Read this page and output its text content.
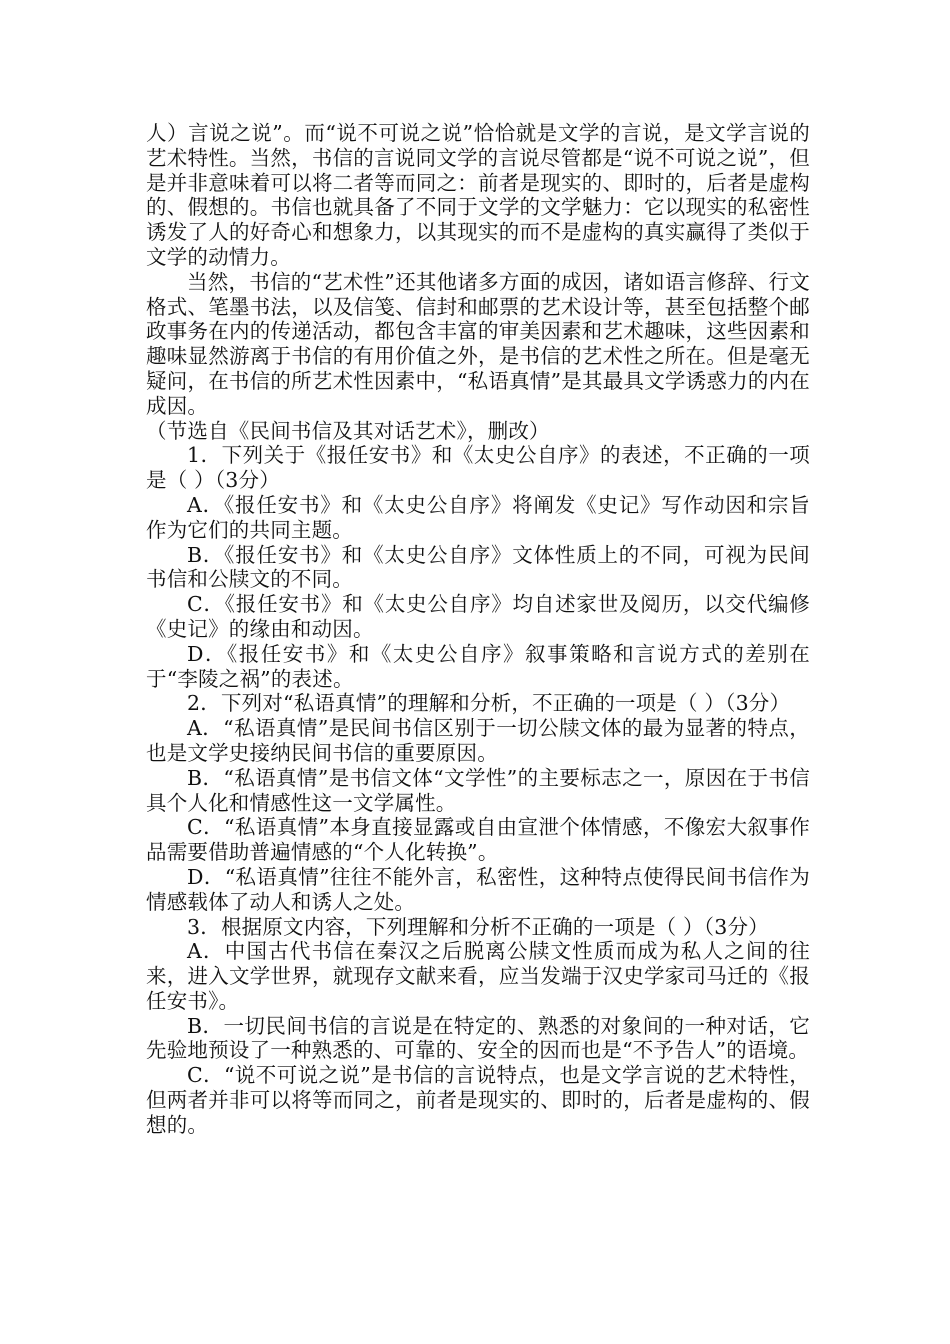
人）言说之说”。而“说不可说之说”恰恰就是文学的言说，是文学言说的艺术特性。当然，书信的言说同文学的言说尽管都是“说不可说之说”，但是并非意味着可以将二者等而同之：前者是现实的、即时的，后者是虚构的、假想的。书信也就具备了不同于文学的文学魅力：它以现实的私密性诱发了人的好奇心和想象力，以其现实的而不是虚构的真实赢得了类似于文学的动情力。

当然，书信的“艺术性”还其他诸多方面的成因，诸如语言修辞、行文格式、笔墨书法，以及信笺、信封和邮票的艺术设计等，甚至包括整个邮政事务在内的传递活动，都包含丰富的审美因素和艺术趣味，这些因素和趣味显然游离于书信的有用价值之外，是书信的艺术性之所在。但是毫无疑问，在书信的所艺术性因素中，“私语真情”是其最具文学诱惑力的内在成因。

（节选自《民间书信及其对话艺术》，删改）

1．下列关于《报任安书》和《太史公自序》的表述，不正确的一项是（ ）（3分）

A．《报任安书》和《太史公自序》将阐发《史记》写作动因和宗旨作为它们的共同主题。

B．《报任安书》和《太史公自序》文体性质上的不同，可视为民间书信和公牍文的不同。

C．《报任安书》和《太史公自序》均自述家世及阅历，以交代编修《史记》的缘由和动因。

D．《报任安书》和《太史公自序》叙事策略和言说方式的差别在于“李陵之祸”的表述。

2．下列对“私语真情”的理解和分析，不正确的一项是（ ）（3分）

A．“私语真情”是民间书信区别于一切公牍文体的最为显著的特点，也是文学史接纳民间书信的重要原因。

B．“私语真情”是书信文体“文学性”的主要标志之一，原因在于书信具个人化和情感性这一文学属性。

C．“私语真情”本身直接显露或自由宣泄个体情感，不像宏大叙事作品需要借助普遍情感的“个人化转换”。

D．“私语真情”往往不能外言，私密性，这种特点使得民间书信作为情感载体了动人和诱人之处。

3．根据原文内容，下列理解和分析不正确的一项是（ ）（3分）

A．中国古代书信在秦汉之后脱离公牍文性质而成为私人之间的往来，进入文学世界，就现存文献来看，应当发端于汉史学家司马迁的《报任安书》。

B．一切民间书信的言说是在特定的、熟悉的对象间的一种对话，它先验地预设了一种熟悉的、可靠的、安全的因而也是“不予告人”的语境。

C．“说不可说之说”是书信的言说特点，也是文学言说的艺术特性，但两者并非可以将等而同之，前者是现实的、即时的，后者是虚构的、假想的。
